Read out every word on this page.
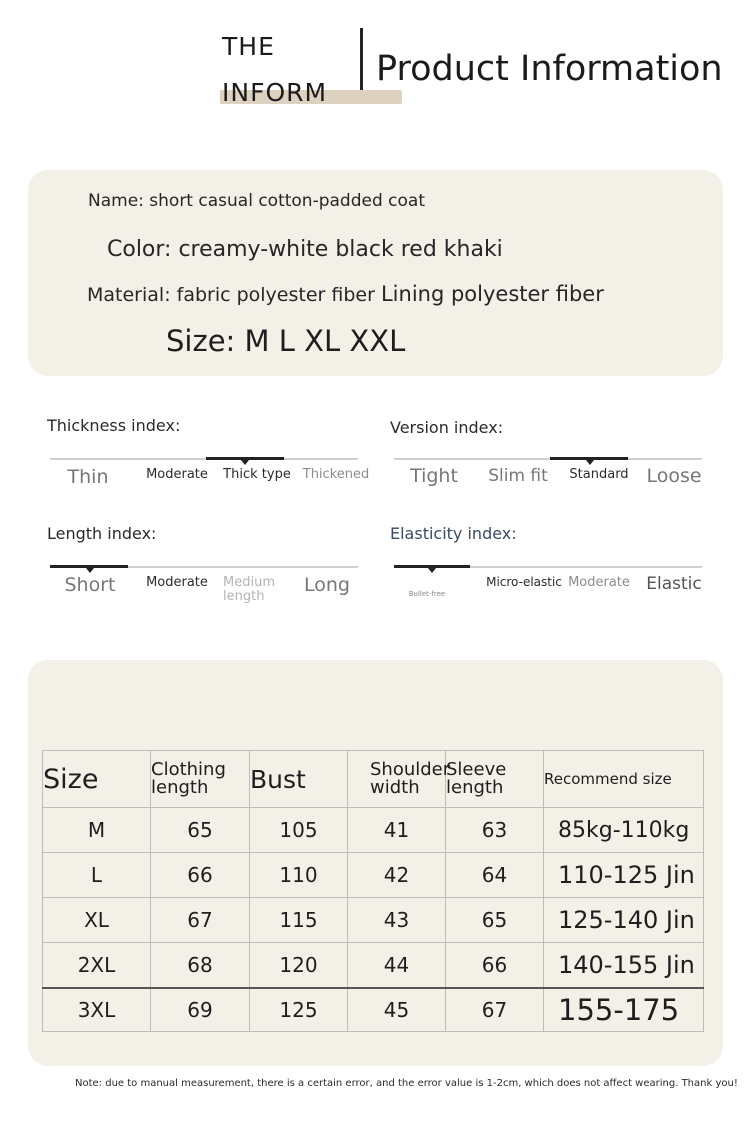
THE
INFORM
Product Information
Name: short casual cotton-padded coat
Color: creamy-white black red khaki
Material: fabric polyester fiber Lining polyester fiber
Size: M L XL XXL
Thickness index:
Thin	Moderate	Thick type Thickened
Version index:
Tight	Slim fit	Standard Loose
Length index:
Short	Moderate	Medium length
Long
Elasticity index:
Bullet-free
Micro-elastic Moderate Elastic
Size	Clothing length	Bust	Shoulder width	Sleeve length	Recommend size
M	65	105	41	63	85kg-110kg
L	66	110	42	64	110-125 Jin
XL	67	115	43	65	125-140 Jin
2XL	68	120	44	66	140-155 Jin
3XL	69	125	45	67	155-175
Note: due to manual measurement, there is a certain error, and the error value is 1-2cm, which does not affect wearing. Thank you!
